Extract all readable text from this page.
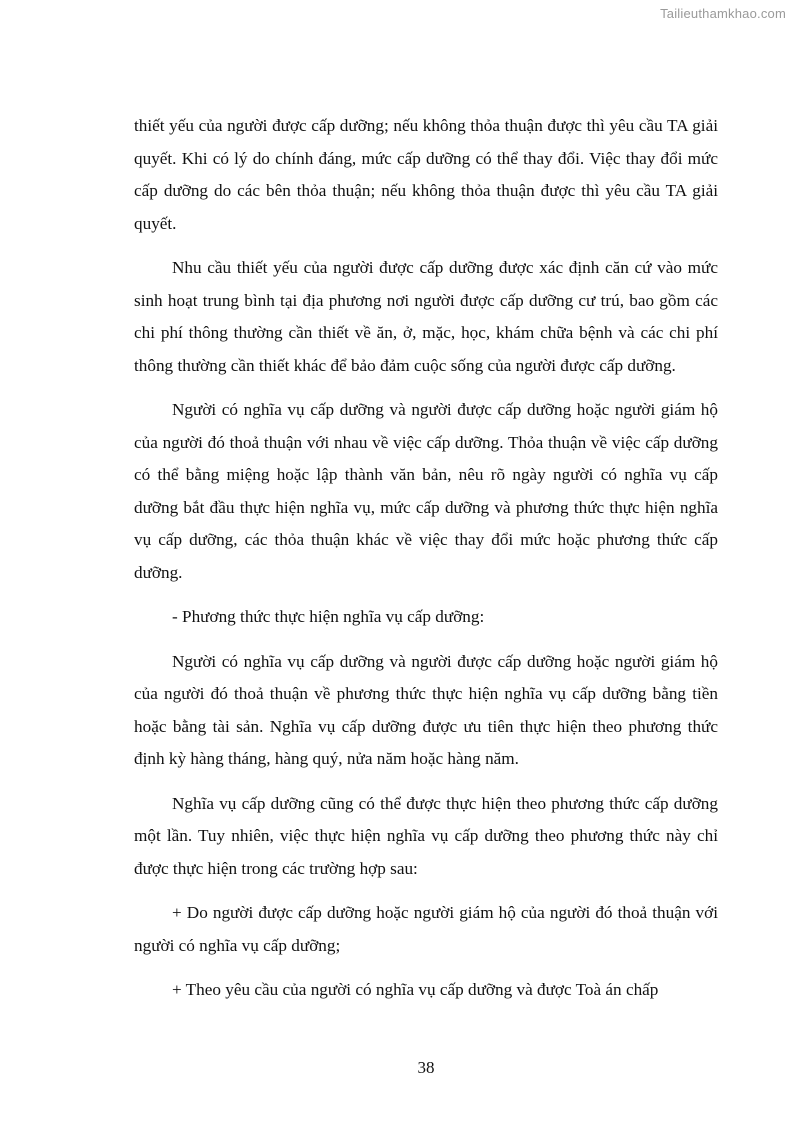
Tailieuthamkhao.com

thiết yếu của người được cấp dưỡng; nếu không thỏa thuận được thì yêu cầu TA giải quyết. Khi có lý do chính đáng, mức cấp dưỡng có thể thay đổi. Việc thay đổi mức cấp dưỡng do các bên thỏa thuận; nếu không thỏa thuận được thì yêu cầu TA giải quyết.

Nhu cầu thiết yếu của người được cấp dưỡng được xác định căn cứ vào mức sinh hoạt trung bình tại địa phương nơi người được cấp dưỡng cư trú, bao gồm các chi phí thông thường cần thiết về ăn, ở, mặc, học, khám chữa bệnh và các chi phí thông thường cần thiết khác để bảo đảm cuộc sống của người được cấp dưỡng.

Người có nghĩa vụ cấp dưỡng và người được cấp dưỡng hoặc người giám hộ của người đó thoả thuận với nhau về việc cấp dưỡng. Thỏa thuận về việc cấp dưỡng có thể bằng miệng hoặc lập thành văn bản, nêu rõ ngày người có nghĩa vụ cấp dưỡng bắt đầu thực hiện nghĩa vụ, mức cấp dưỡng và phương thức thực hiện nghĩa vụ cấp dưỡng, các thỏa thuận khác về việc thay đổi mức hoặc phương thức cấp dưỡng.

- Phương thức thực hiện nghĩa vụ cấp dưỡng:

Người có nghĩa vụ cấp dưỡng và người được cấp dưỡng hoặc người giám hộ của người đó thoả thuận về phương thức thực hiện nghĩa vụ cấp dưỡng bằng tiền hoặc bằng tài sản. Nghĩa vụ cấp dưỡng được ưu tiên thực hiện theo phương thức định kỳ hàng tháng, hàng quý, nửa năm hoặc hàng năm.

Nghĩa vụ cấp dưỡng cũng có thể được thực hiện theo phương thức cấp dưỡng một lần. Tuy nhiên, việc thực hiện nghĩa vụ cấp dưỡng theo phương thức này chỉ được thực hiện trong các trường hợp sau:

+ Do người được cấp dưỡng hoặc người giám hộ của người đó thoả thuận với người có nghĩa vụ cấp dưỡng;

+ Theo yêu cầu của người có nghĩa vụ cấp dưỡng và được Toà án chấp

38
